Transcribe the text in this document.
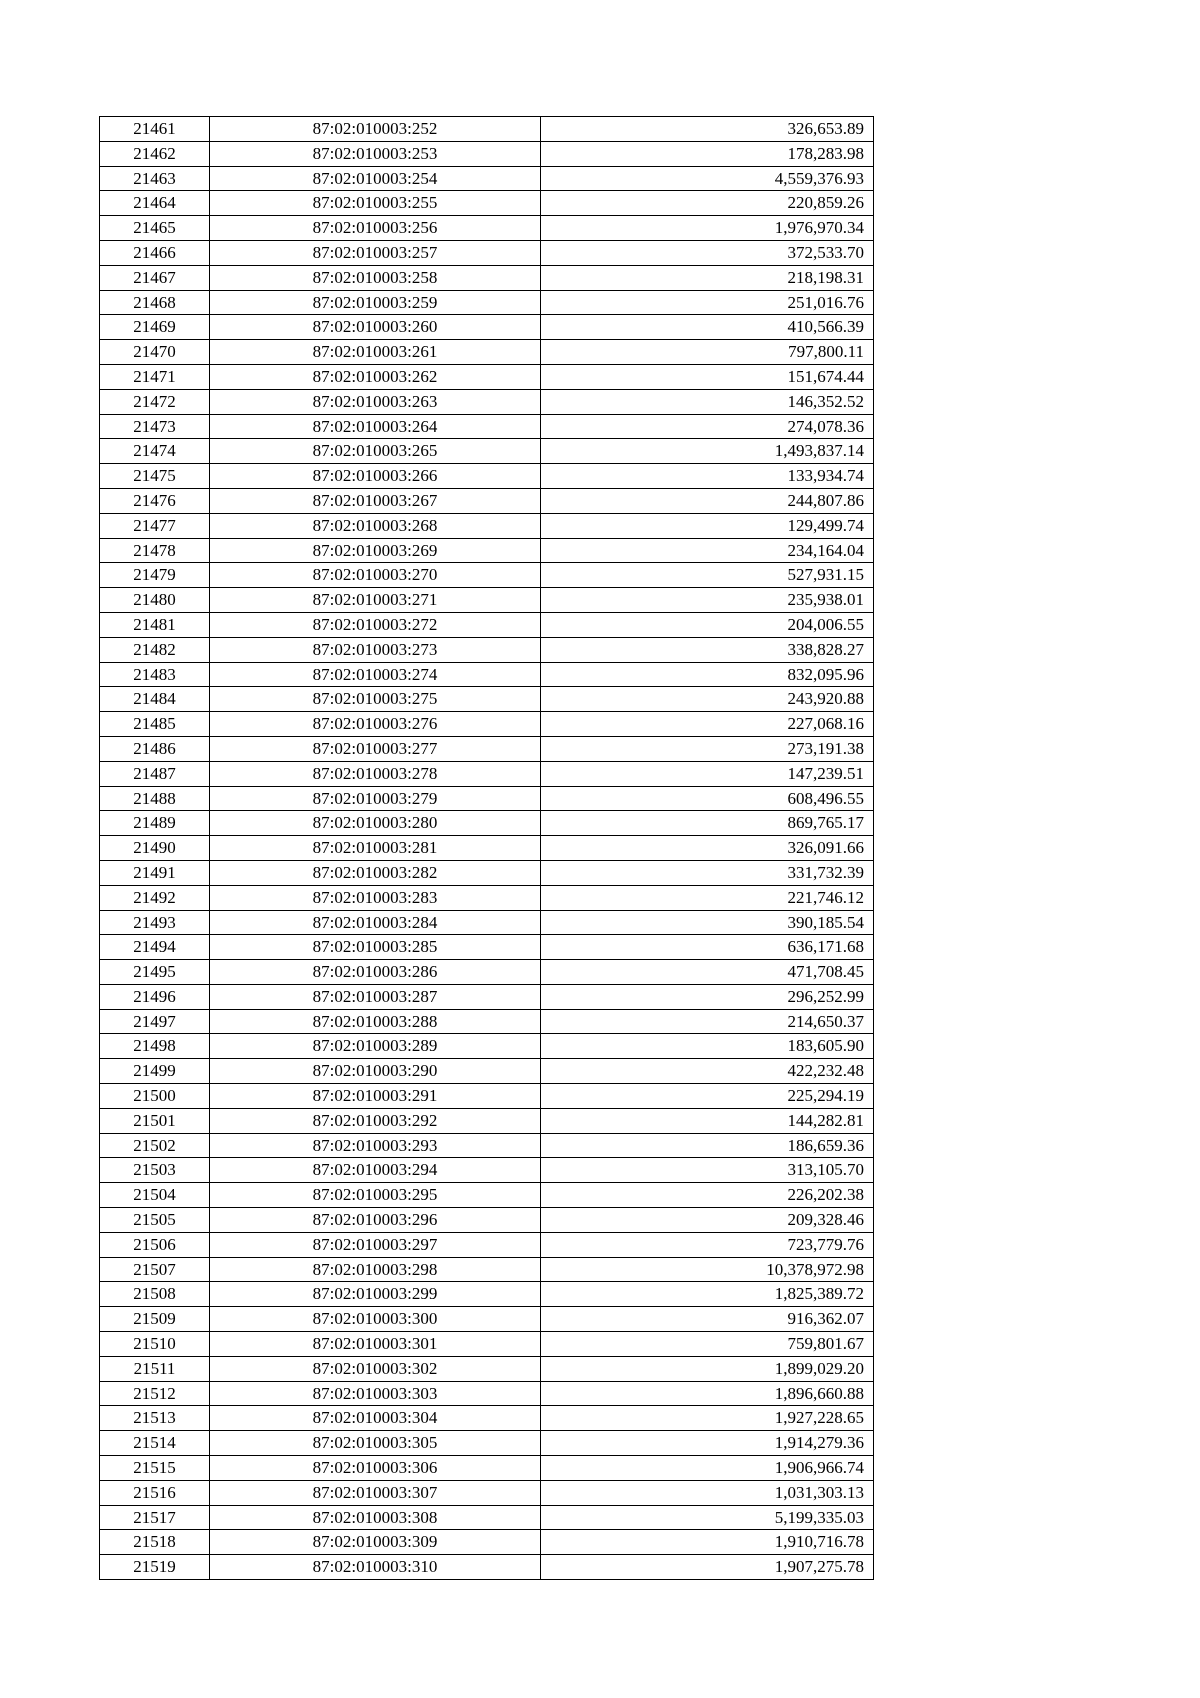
21461	87:02:010003:252	326,653.89
21462	87:02:010003:253	178,283.98
21463	87:02:010003:254	4,559,376.93
21464	87:02:010003:255	220,859.26
21465	87:02:010003:256	1,976,970.34
21466	87:02:010003:257	372,533.70
21467	87:02:010003:258	218,198.31
21468	87:02:010003:259	251,016.76
21469	87:02:010003:260	410,566.39
21470	87:02:010003:261	797,800.11
21471	87:02:010003:262	151,674.44
21472	87:02:010003:263	146,352.52
21473	87:02:010003:264	274,078.36
21474	87:02:010003:265	1,493,837.14
21475	87:02:010003:266	133,934.74
21476	87:02:010003:267	244,807.86
21477	87:02:010003:268	129,499.74
21478	87:02:010003:269	234,164.04
21479	87:02:010003:270	527,931.15
21480	87:02:010003:271	235,938.01
21481	87:02:010003:272	204,006.55
21482	87:02:010003:273	338,828.27
21483	87:02:010003:274	832,095.96
21484	87:02:010003:275	243,920.88
21485	87:02:010003:276	227,068.16
21486	87:02:010003:277	273,191.38
21487	87:02:010003:278	147,239.51
21488	87:02:010003:279	608,496.55
21489	87:02:010003:280	869,765.17
21490	87:02:010003:281	326,091.66
21491	87:02:010003:282	331,732.39
21492	87:02:010003:283	221,746.12
21493	87:02:010003:284	390,185.54
21494	87:02:010003:285	636,171.68
21495	87:02:010003:286	471,708.45
21496	87:02:010003:287	296,252.99
21497	87:02:010003:288	214,650.37
21498	87:02:010003:289	183,605.90
21499	87:02:010003:290	422,232.48
21500	87:02:010003:291	225,294.19
21501	87:02:010003:292	144,282.81
21502	87:02:010003:293	186,659.36
21503	87:02:010003:294	313,105.70
21504	87:02:010003:295	226,202.38
21505	87:02:010003:296	209,328.46
21506	87:02:010003:297	723,779.76
21507	87:02:010003:298	10,378,972.98
21508	87:02:010003:299	1,825,389.72
21509	87:02:010003:300	916,362.07
21510	87:02:010003:301	759,801.67
21511	87:02:010003:302	1,899,029.20
21512	87:02:010003:303	1,896,660.88
21513	87:02:010003:304	1,927,228.65
21514	87:02:010003:305	1,914,279.36
21515	87:02:010003:306	1,906,966.74
21516	87:02:010003:307	1,031,303.13
21517	87:02:010003:308	5,199,335.03
21518	87:02:010003:309	1,910,716.78
21519	87:02:010003:310	1,907,275.78
